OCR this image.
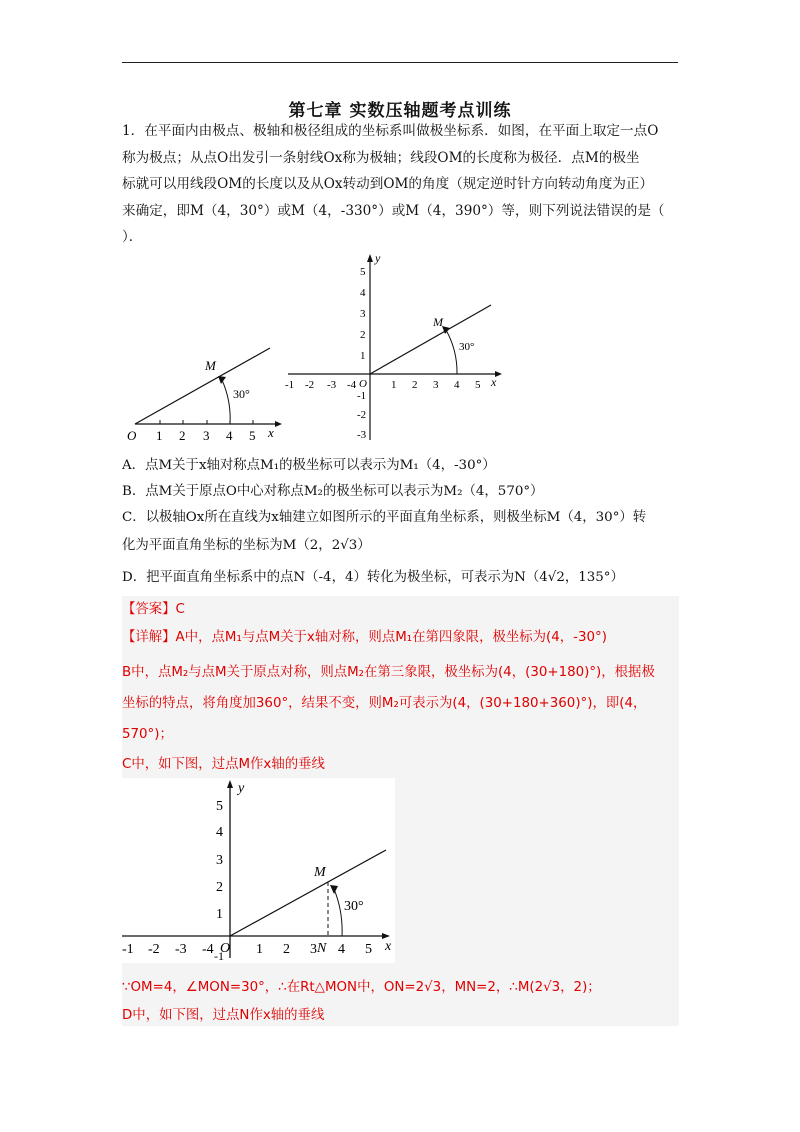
第七章 实数压轴题考点训练

1．在平面内由极点、极轴和极径组成的坐标系叫做极坐标系．如图，在平面上取定一点O

称为极点；从点O出发引一条射线Ox称为极轴；线段OM的长度称为极径．点M的极坐

标就可以用线段OM的长度以及从Ox转动到OM的角度（规定逆时针方向转动角度为正）

来确定，即M（4，30°）或M（4，-330°）或M（4，390°）等，则下列说法错误的是（

）．

O 1 2 3 4 5 x
M
30°
-1 -2 -3 -4	1 2 3 4 5
5
4
3
2
1
-1
-2
-3
O	x
y
M
30°
A．点M关于x轴对称点M₁的极坐标可以表示为M₁（4，-30°）
B．点M关于原点O中心对称点M₂的极坐标可以表示为M₂（4，570°）
C．以极轴Ox所在直线为x轴建立如图所示的平面直角坐标系，则极坐标M（4，30°）转
化为平面直角坐标的坐标为M（2，2√3）
D．把平面直角坐标系中的点N（-4，4）转化为极坐标，可表示为N（4√2，135°）
【答案】C
【详解】A中，点M₁与点M关于x轴对称，则点M₁在第四象限，极坐标为(4，-30°)
B中，点M₂与点M关于原点对称，则点M₂在第三象限，极坐标为(4，(30+180)°)，根据极
坐标的特点，将角度加360°，结果不变，则M₂可表示为(4，(30+180+360)°)，即(4，
570°)；
C中，如下图，过点M作x轴的垂线
-1 -2 -3 -4	1 2 3 4 5
5
4
3
2
1
-1
O	N	x
y
M
30°
∵OM=4，∠MON=30°，∴在Rt△MON中，ON=2√3，MN=2，∴M(2√3，2)；
D中，如下图，过点N作x轴的垂线
